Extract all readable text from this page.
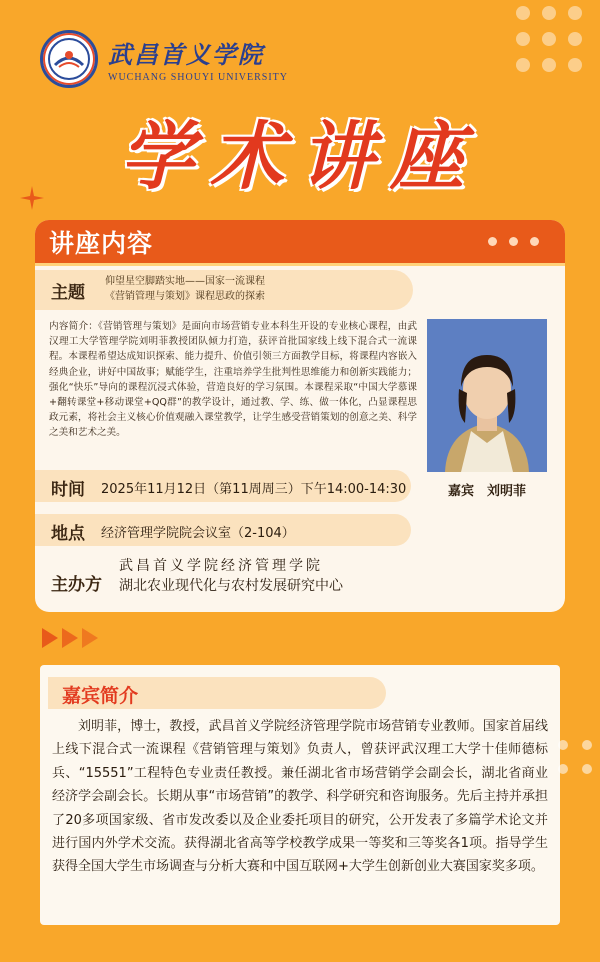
武昌首义学院
WUCHANG SHOUYI UNIVERSITY
学术讲座
讲座内容
主题
仰望星空脚踏实地——国家一流课程
《营销管理与策划》课程思政的探索
内容简介：《营销管理与策划》是面向市场营销专业本科生开设的专业核心课程，由武汉理工大学管理学院刘明菲教授团队倾力打造，获评首批国家线上线下混合式一流课程。本课程希望达成知识探索、能力提升、价值引领三方面教学目标，将课程内容嵌入经典企业，讲好中国故事；赋能学生，注重培养学生批判性思维能力和创新实践能力；强化“快乐”导向的课程沉浸式体验，营造良好的学习氛围。本课程采取“中国大学慕课+翻转课堂+移动课堂+QQ群”的教学设计，通过教、学、练、做一体化，凸显课程思政元素，将社会主义核心价值观融入课堂教学，让学生感受营销策划的创意之美、科学之美和艺术之美。
嘉宾　刘明菲
时间 2025年11月12日（第11周周三）下午14:00-14:30
地点 经济管理学院院会议室（2-104）
主办方
武昌首义学院经济管理学院
湖北农业现代化与农村发展研究中心
嘉宾简介
刘明菲，博士，教授，武昌首义学院经济管理学院市场营销专业教师。国家首届线上线下混合式一流课程《营销管理与策划》负责人，曾获评武汉理工大学十佳师德标兵、“15551”工程特色专业责任教授。兼任湖北省市场营销学会副会长，湖北省商业经济学会副会长。长期从事“市场营销”的教学、科学研究和咨询服务。先后主持并承担了20多项国家级、省市发改委以及企业委托项目的研究，公开发表了多篇学术论文并进行国内外学术交流。获得湖北省高等学校教学成果一等奖和三等奖各1项。指导学生获得全国大学生市场调查与分析大赛和中国互联网+大学生创新创业大赛国家奖多项。
